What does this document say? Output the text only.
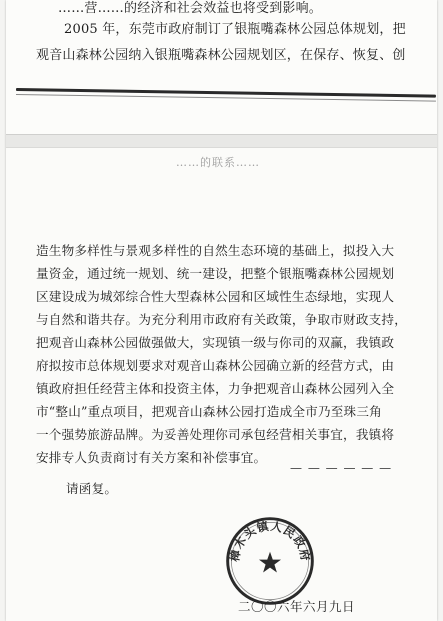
……营……的经济和社会效益也将受到影响。
2005 年，东莞市政府制订了银瓶嘴森林公园总体规划，把
观音山森林公园纳入银瓶嘴森林公园规划区，在保存、恢复、创
……的联系……
造生物多样性与景观多样性的自然生态环境的基础上，拟投入大
量资金，通过统一规划、统一建设，把整个银瓶嘴森林公园规划
区建设成为城郊综合性大型森林公园和区域性生态绿地，实现人
与自然和谐共存。为充分利用市政府有关政策，争取市财政支持，
把观音山森林公园做强做大，实现镇一级与你司的双赢，我镇政
府拟按市总体规划要求对观音山森林公园确立新的经营方式，由
镇政府担任经营主体和投资主体，力争把观音山森林公园列入全
市“整山”重点项目，把观音山森林公园打造成全市乃至珠三角
一个强势旅游品牌。为妥善处理你司承包经营相关事宜，我镇将
安排专人负责商讨有关方案和补偿事宜。
— — — — — —
请函复。
樟木头镇人民政府
二〇〇六年六月九日
